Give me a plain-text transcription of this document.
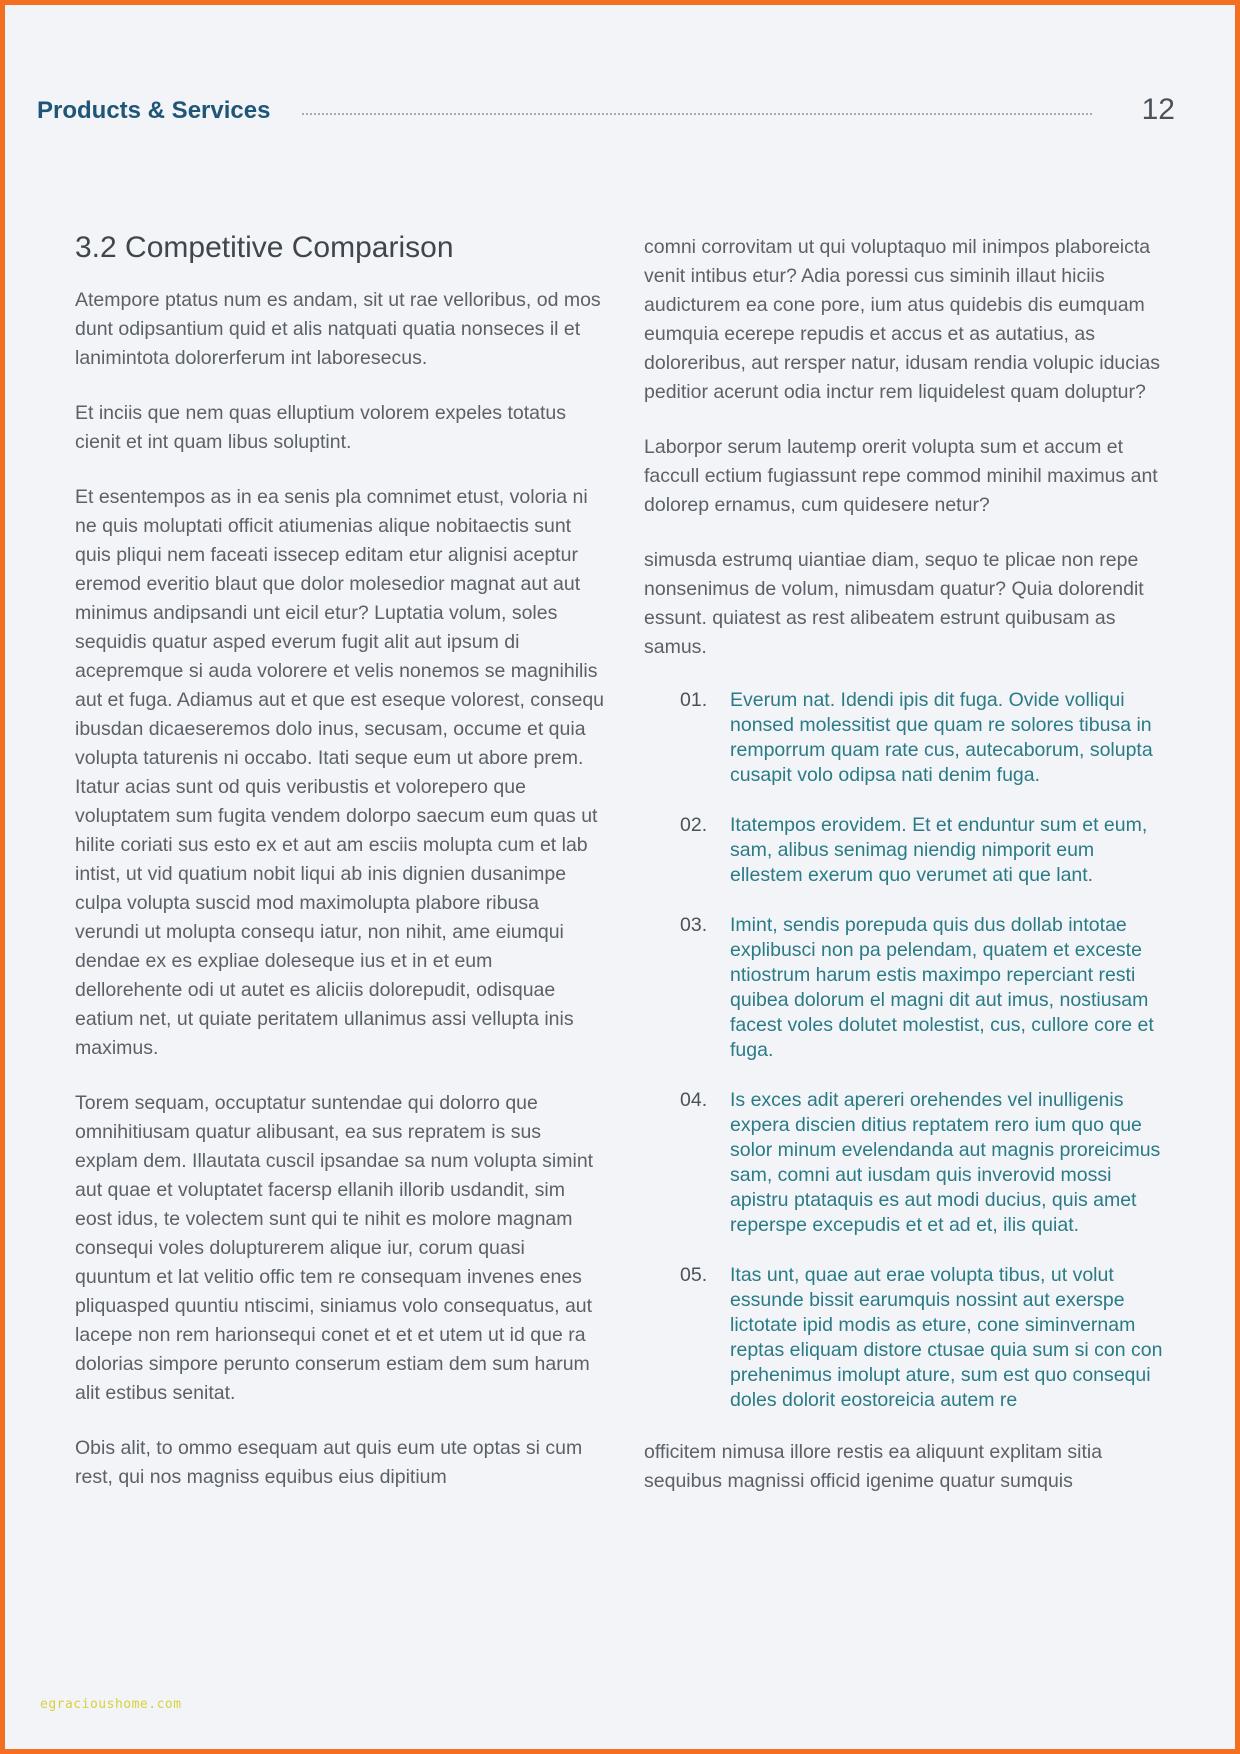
Products & Services	12
3.2 Competitive Comparison

Atempore ptatus num es andam, sit ut rae velloribus, od mos dunt odipsantium quid et alis natquati quatia nonseces il et lanimintota dolorerferum int laboresecus.

Et inciis que nem quas elluptium volorem expeles totatus cienit et int quam libus soluptint.

Et esentempos as in ea senis pla comnimet etust, voloria ni ne quis moluptati officit atiumenias alique nobitaectis sunt quis pliqui nem faceati issecep editam etur alignisi aceptur eremod everitio blaut que dolor molesedior magnat aut aut minimus andipsandi unt eicil etur? Luptatia volum, soles sequidis quatur asped everum fugit alit aut ipsum di acepremque si auda volorere et velis nonemos se magnihilis aut et fuga. Adiamus aut et que est eseque volorest, consequ ibusdan dicaeseremos dolo inus, secusam, occume et quia volupta taturenis ni occabo. Itati seque eum ut abore prem. Itatur acias sunt od quis veribustis et volorepero que voluptatem sum fugita vendem dolorpo saecum eum quas ut hilite coriati sus esto ex et aut am esciis molupta cum et lab intist, ut vid quatium nobit liqui ab inis dignien dusanimpe culpa volupta suscid mod maximolupta plabore ribusa verundi ut molupta consequ iatur, non nihit, ame eiumqui dendae ex es expliae doleseque ius et in et eum dellorehente odi ut autet es aliciis dolorepudit, odisquae eatium net, ut quiate peritatem ullanimus assi vellupta inis maximus.

Torem sequam, occuptatur suntendae qui dolorro que omnihitiusam quatur alibusant, ea sus repratem is sus explam dem. Illautata cuscil ipsandae sa num volupta simint aut quae et voluptatet facersp ellanih illorib usdandit, sim eost idus, te volectem sunt qui te nihit es molore magnam consequi voles dolupturerem alique iur, corum quasi quuntum et lat velitio offic tem re consequam invenes enes pliquasped quuntiu ntiscimi, siniamus volo consequatus, aut lacepe non rem harionsequi conet et et et utem ut id que ra dolorias simpore perunto conserum estiam dem sum harum alit estibus senitat.

Obis alit, to ommo esequam aut quis eum ute optas si cum rest, qui nos magniss equibus eius dipitium

comni corrovitam ut qui voluptaquo mil inimpos plaboreicta venit intibus etur? Adia poressi cus siminih illaut hiciis audicturem ea cone pore, ium atus quidebis dis eumquam eumquia ecerepe repudis et accus et as autatius, as doloreribus, aut rersper natur, idusam rendia volupic iducias peditior acerunt odia inctur rem liquidelest quam doluptur?

Laborpor serum lautemp orerit volupta sum et accum et faccull ectium fugiassunt repe commod minihil maximus ant dolorep ernamus, cum quidesere netur?

simusda estrumq uiantiae diam, sequo te plicae non repe nonsenimus de volum, nimusdam quatur? Quia dolorendit essunt. quiatest as rest alibeatem estrunt quibusam as samus.

01. Everum nat. Idendi ipis dit fuga. Ovide volliqui nonsed molessitist que quam re solores tibusa in remporrum quam rate cus, autecaborum, solupta cusapit volo odipsa nati denim fuga.
02. Itatempos erovidem. Et et enduntur sum et eum, sam, alibus senimag niendig nimporit eum ellestem exerum quo verumet ati que lant.
03. Imint, sendis porepuda quis dus dollab intotae explibusci non pa pelendam, quatem et exceste ntiostrum harum estis maximpo reperciant resti quibea dolorum el magni dit aut imus, nostiusam facest voles dolutet molestist, cus, cullore core et fuga.
04. Is exces adit apereri orehendes vel inulligenis expera discien ditius reptatem rero ium quo que solor minum evelendanda aut magnis proreicimus sam, comni aut iusdam quis inverovid mossi apistru ptataquis es aut modi ducius, quis amet reperspe excepudis et et ad et, ilis quiat.
05. Itas unt, quae aut erae volupta tibus, ut volut essunde bissit earumquis nossint aut exerspe lictotate ipid modis as eture, cone siminvernam reptas eliquam distore ctusae quia sum si con con prehenimus imolupt ature, sum est quo consequi doles dolorit eostoreicia autem re

officitem nimusa illore restis ea aliquunt explitam sitia sequibus magnissi officid igenime quatur sumquis

egracioushome.com
